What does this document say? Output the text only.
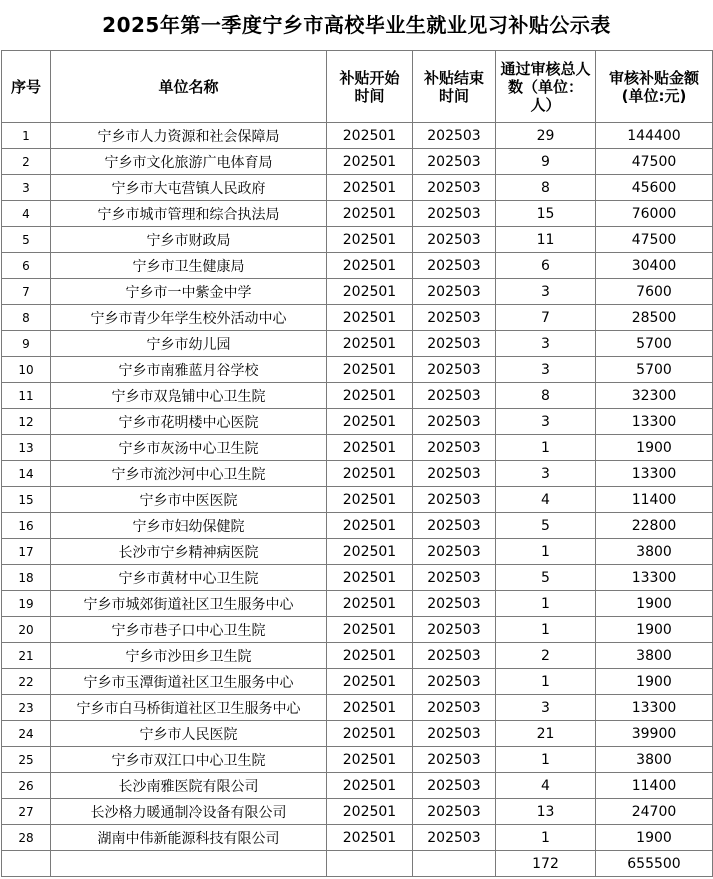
2025年第一季度宁乡市高校毕业生就业见习补贴公示表
序号	单位名称	补贴开始时间	补贴结束时间	通过审核总人数（单位：人）	审核补贴金额(单位:元)
1	宁乡市人力资源和社会保障局	202501	202503	29	144400
2	宁乡市文化旅游广电体育局	202501	202503	9	47500
3	宁乡市大屯营镇人民政府	202501	202503	8	45600
4	宁乡市城市管理和综合执法局	202501	202503	15	76000
5	宁乡市财政局	202501	202503	11	47500
6	宁乡市卫生健康局	202501	202503	6	30400
7	宁乡市一中紫金中学	202501	202503	3	7600
8	宁乡市青少年学生校外活动中心	202501	202503	7	28500
9	宁乡市幼儿园	202501	202503	3	5700
10	宁乡市南雅蓝月谷学校	202501	202503	3	5700
11	宁乡市双凫铺中心卫生院	202501	202503	8	32300
12	宁乡市花明楼中心医院	202501	202503	3	13300
13	宁乡市灰汤中心卫生院	202501	202503	1	1900
14	宁乡市流沙河中心卫生院	202501	202503	3	13300
15	宁乡市中医医院	202501	202503	4	11400
16	宁乡市妇幼保健院	202501	202503	5	22800
17	长沙市宁乡精神病医院	202501	202503	1	3800
18	宁乡市黄材中心卫生院	202501	202503	5	13300
19	宁乡市城郊街道社区卫生服务中心	202501	202503	1	1900
20	宁乡市巷子口中心卫生院	202501	202503	1	1900
21	宁乡市沙田乡卫生院	202501	202503	2	3800
22	宁乡市玉潭街道社区卫生服务中心	202501	202503	1	1900
23	宁乡市白马桥街道社区卫生服务中心	202501	202503	3	13300
24	宁乡市人民医院	202501	202503	21	39900
25	宁乡市双江口中心卫生院	202501	202503	1	3800
26	长沙南雅医院有限公司	202501	202503	4	11400
27	长沙格力暖通制冷设备有限公司	202501	202503	13	24700
28	湖南中伟新能源科技有限公司	202501	202503	1	1900
				172	655500
